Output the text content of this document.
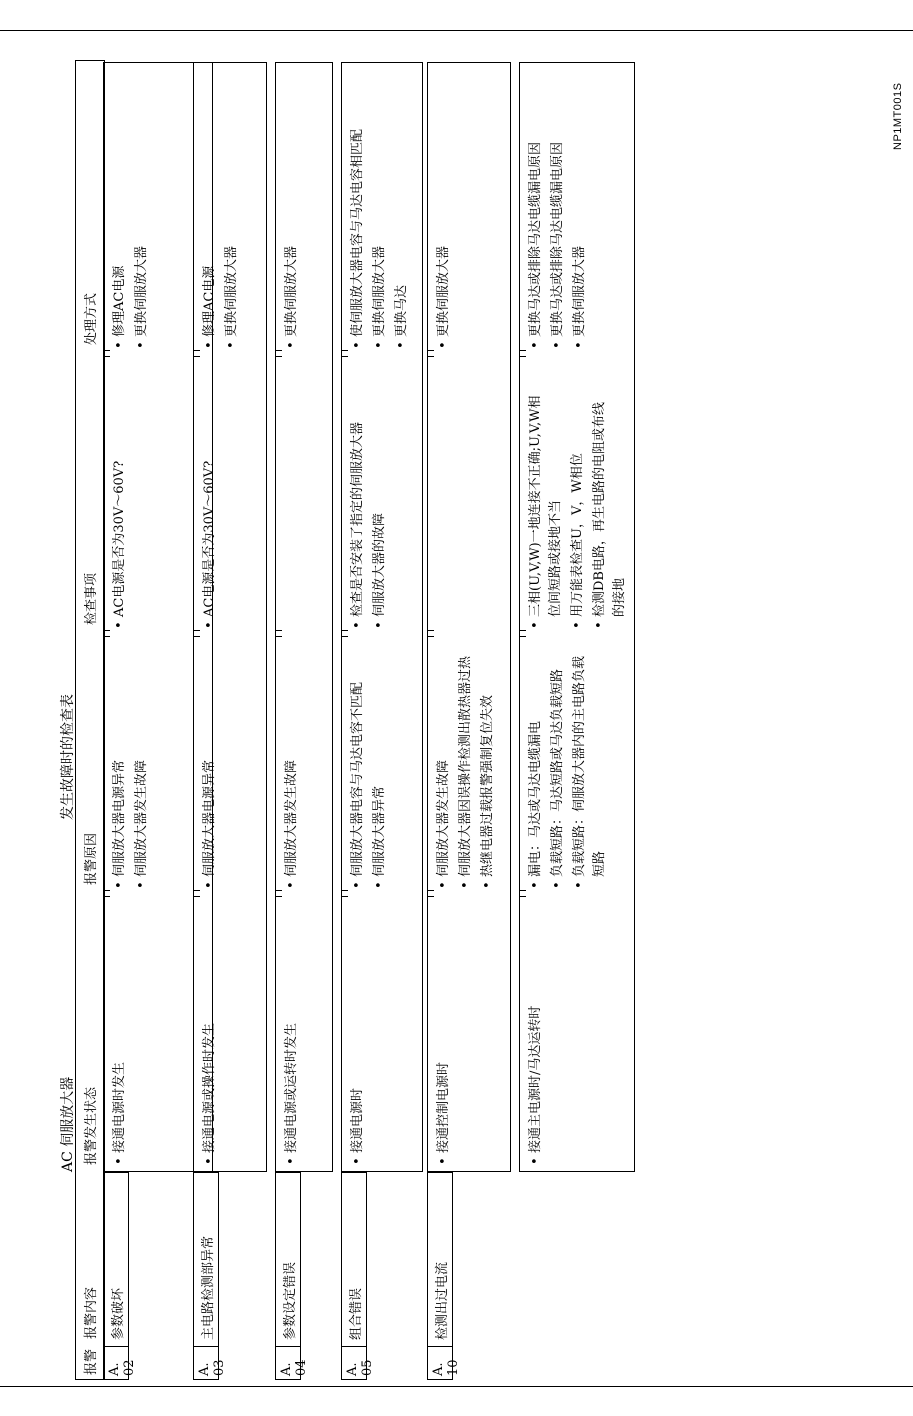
NP1MT001S
AC 伺服放大器
发生故障时的检查表
报警
报警内容
报警发生状态
报警原因
检查事项
处理方式
A. 02
参数破坏
• 接通电源时发生
• 伺服放大器电源异常 • 伺服放大器发生故障
• AC电源是否为30V～60V?
• 修理AC电源 • 更换伺服放大器
A. 03
主电路检测部异常
• 接通电源或操作时发生
• 伺服放大器电源异常
• AC电源是否为30V～60V?
• 修理AC电源 • 更换伺服放大器
A. 04
参数设定错误
• 接通电源或运转时发生
• 伺服放大器发生故障
• 更换伺服放大器
A. 05
组合错误
• 接通电源时
• 伺服放大器电容与马达电容不匹配 • 伺服放大器异常
• 检查是否安装了指定的伺服放大器 • 伺服放大器的故障
• 使伺服放大器电容与马达电容相匹配 • 更换伺服放大器 • 更换马达
A. 10
检测出过电流
• 接通控制电源时
• 伺服放大器发生故障 • 伺服放大器因误操作检测出散热器过热 • 热继电器过载报警强制复位失效
• 更换伺服放大器
• 接通主电源时/马达运转时
• 漏电：马达或马达电缆漏电 • 负载短路：马达短路或马达负载短路 • 负载短路：伺服放大器内的主电路负载短路
• 三相(U,V,W)一地连接不正确;U,V,W相位间短路或接地不当 • 用万能表检查U，V，W相位 • 检测DB电路，再生电路的电阻或布线的接地
• 更换马达或排除马达电缆漏电原因 • 更换马达或排除马达电缆漏电原因 • 更换伺服放大器
